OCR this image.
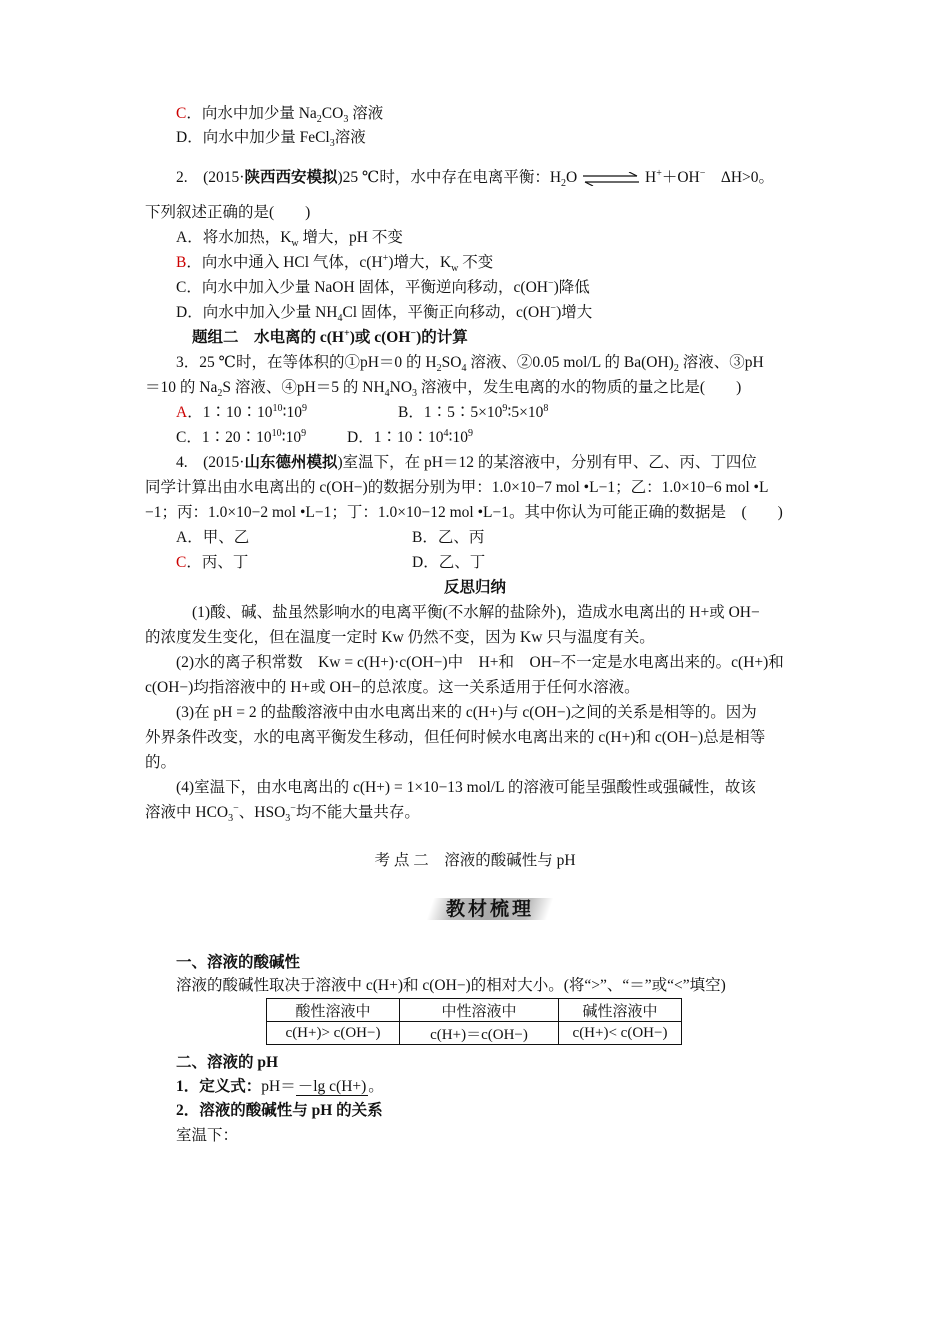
C．向水中加少量 $Na_2CO_3$ 溶液
D．向水中加少量 FeCl$_3$溶液
2.　(2015·陕西西安模拟)25 ℃时，水中存在电离平衡：$H_2O$ ⇌ H+＋OH−　ΔH>0。
下列叙述正确的是(　　)
A．将水加热，$K_w$ 增大，pH 不变
B．向水中通入 HCl 气体，c(H+)增大，$K_w$ 不变
C．向水中加入少量 NaOH 固体，平衡逆向移动，c(OH−)降低
D．向水中加入少量 $NH_4Cl$ 固体，平衡正向移动，c(OH−)增大
题组二　水电离的 c(H+)或 c(OH−)的计算
3．25 ℃时，在等体积的①pH＝0 的 $H_2SO_4$ 溶液、②0.05 mol/L 的 $Ba(OH)_2$ 溶液、③pH
＝10 的 $Na_2S$ 溶液、④pH＝5 的 $NH_4NO_3$ 溶液中，发生电离的水的物质的量之比是(　　)
A．$1∶10∶10^{10}∶10^9$	B．$1∶5∶5\times 10^9∶5\times 10^8$
C．$1∶20∶10^{10}∶10^9$	D．$1∶10∶10^4∶10^9$
4.　(2015·山东德州模拟)室温下，在 pH＝12 的某溶液中，分别有甲、乙、丙、丁四位
同学计算出由水电离出的 c(OH−)的数据分别为甲：1.0×10−7 mol •L−1；乙：1.0×10−6 mol •L
−1；丙：1.0×10−2 mol •L−1；丁：1.0×10−12 mol •L−1。其中你认为可能正确的数据是　(　　)
A．甲、乙	B．乙、丙
C．丙、丁	D．乙、丁
反思归纳
(1)酸、碱、盐虽然影响水的电离平衡(不水解的盐除外)，造成水电离出的 H+或 OH−
的浓度发生变化，但在温度一定时 Kw 仍然不变，因为 Kw 只与温度有关。
(2)水的离子积常数　Kw = c(H+)·c(OH−)中　H+和　OH−不一定是水电离出来的。c(H+)和
c(OH−)均指溶液中的 H+或 OH−的总浓度。这一关系适用于任何水溶液。
(3)在 pH = 2 的盐酸溶液中由水电离出来的 c(H+)与 c(OH−)之间的关系是相等的。因为
外界条件改变，水的电离平衡发生移动，但任何时候水电离出来的 c(H+)和 c(OH−)总是相等
的。
(4)室温下，由水电离出的 c(H+) = 1×10−13 mol/L 的溶液可能呈强酸性或强碱性，故该
溶液中 $HCO_3^-$、$HSO_3^-$均不能大量共存。
考 点 二　溶液的酸碱性与 pH
教材梳理
一、溶液的酸碱性
溶液的酸碱性取决于溶液中 c(H+)和 c(OH−)的相对大小。(将“>”、“＝”或“<”填空)
酸性溶液中	中性溶液中	碱性溶液中
c(H+)> c(OH−)	c(H+)＝c(OH−)	c(H+)< c(OH−)
二、溶液的 pH
1．定义式：pH＝ －lg c(H+) 。
2．溶液的酸碱性与 pH 的关系
室温下：
